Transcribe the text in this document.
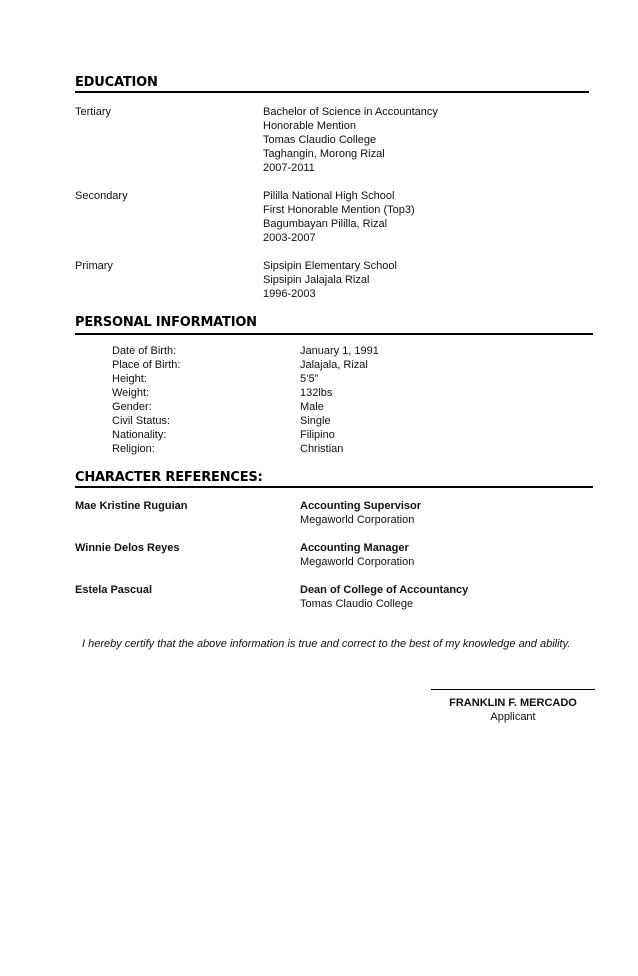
EDUCATION
Tertiary	Bachelor of Science in Accountancy
Honorable Mention
Tomas Claudio College
Taghangin, Morong Rizal
2007-2011
Secondary	Pililla National High School
First Honorable Mention (Top3)
Bagumbayan Pililla, Rizal
2003-2007
Primary	Sipsipin Elementary School
Sipsipin Jalajala Rizal
1996-2003
PERSONAL INFORMATION
Date of Birth:	January 1, 1991
Place of Birth:	Jalajala, Rizal
Height:	5’5”
Weight:	132lbs
Gender:	Male
Civil Status:	Single
Nationality:	Filipino
Religion:	Christian
CHARACTER REFERENCES:
Mae Kristine Ruguian	Accounting Supervisor
Megaworld Corporation
Winnie Delos Reyes	Accounting Manager
Megaworld Corporation
Estela Pascual	Dean of College of Accountancy
Tomas Claudio College
I hereby certify that the above information is true and correct to the best of my knowledge and ability.
FRANKLIN F. MERCADO
Applicant
